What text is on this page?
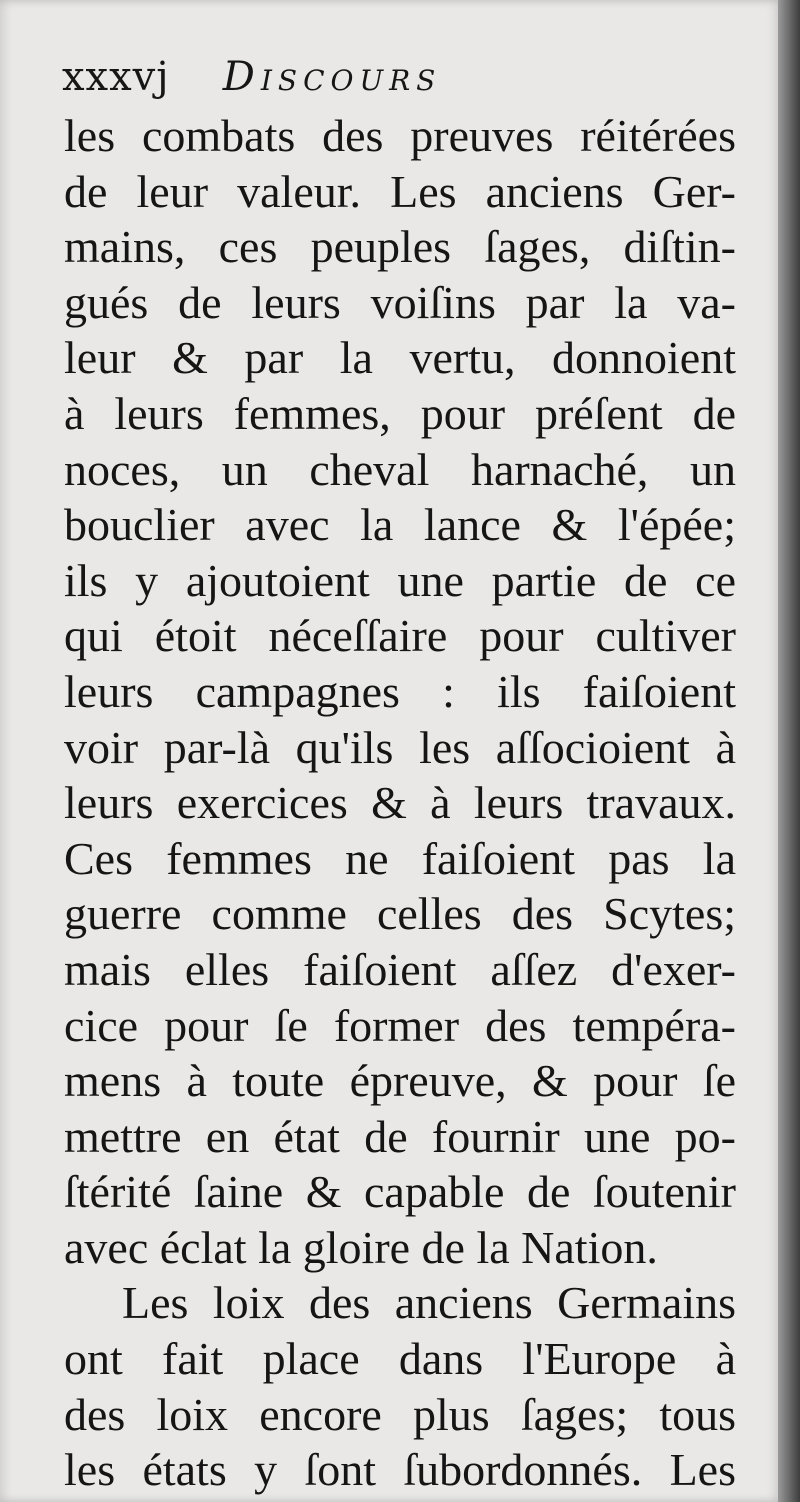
xxxvj Discours
les combats des preuves réitérées
de leur valeur. Les anciens Ger-
mains, ces peuples ſages, diſtin-
gués de leurs voiſins par la va-
leur & par la vertu, donnoient
à leurs femmes, pour préſent de
noces, un cheval harnaché, un
bouclier avec la lance & l'épée;
ils y ajoutoient une partie de ce
qui étoit néceſſaire pour cultiver
leurs campagnes : ils faiſoient
voir par-là qu'ils les aſſocioient à
leurs exercices & à leurs travaux.
Ces femmes ne faiſoient pas la
guerre comme celles des Scytes;
mais elles faiſoient aſſez d'exer-
cice pour ſe former des tempéra-
mens à toute épreuve, & pour ſe
mettre en état de fournir une po-
ſtérité ſaine & capable de ſoutenir
avec éclat la gloire de la Nation.
Les loix des anciens Germains
ont fait place dans l'Europe à
des loix encore plus ſages; tous
les états y ſont ſubordonnés. Les
